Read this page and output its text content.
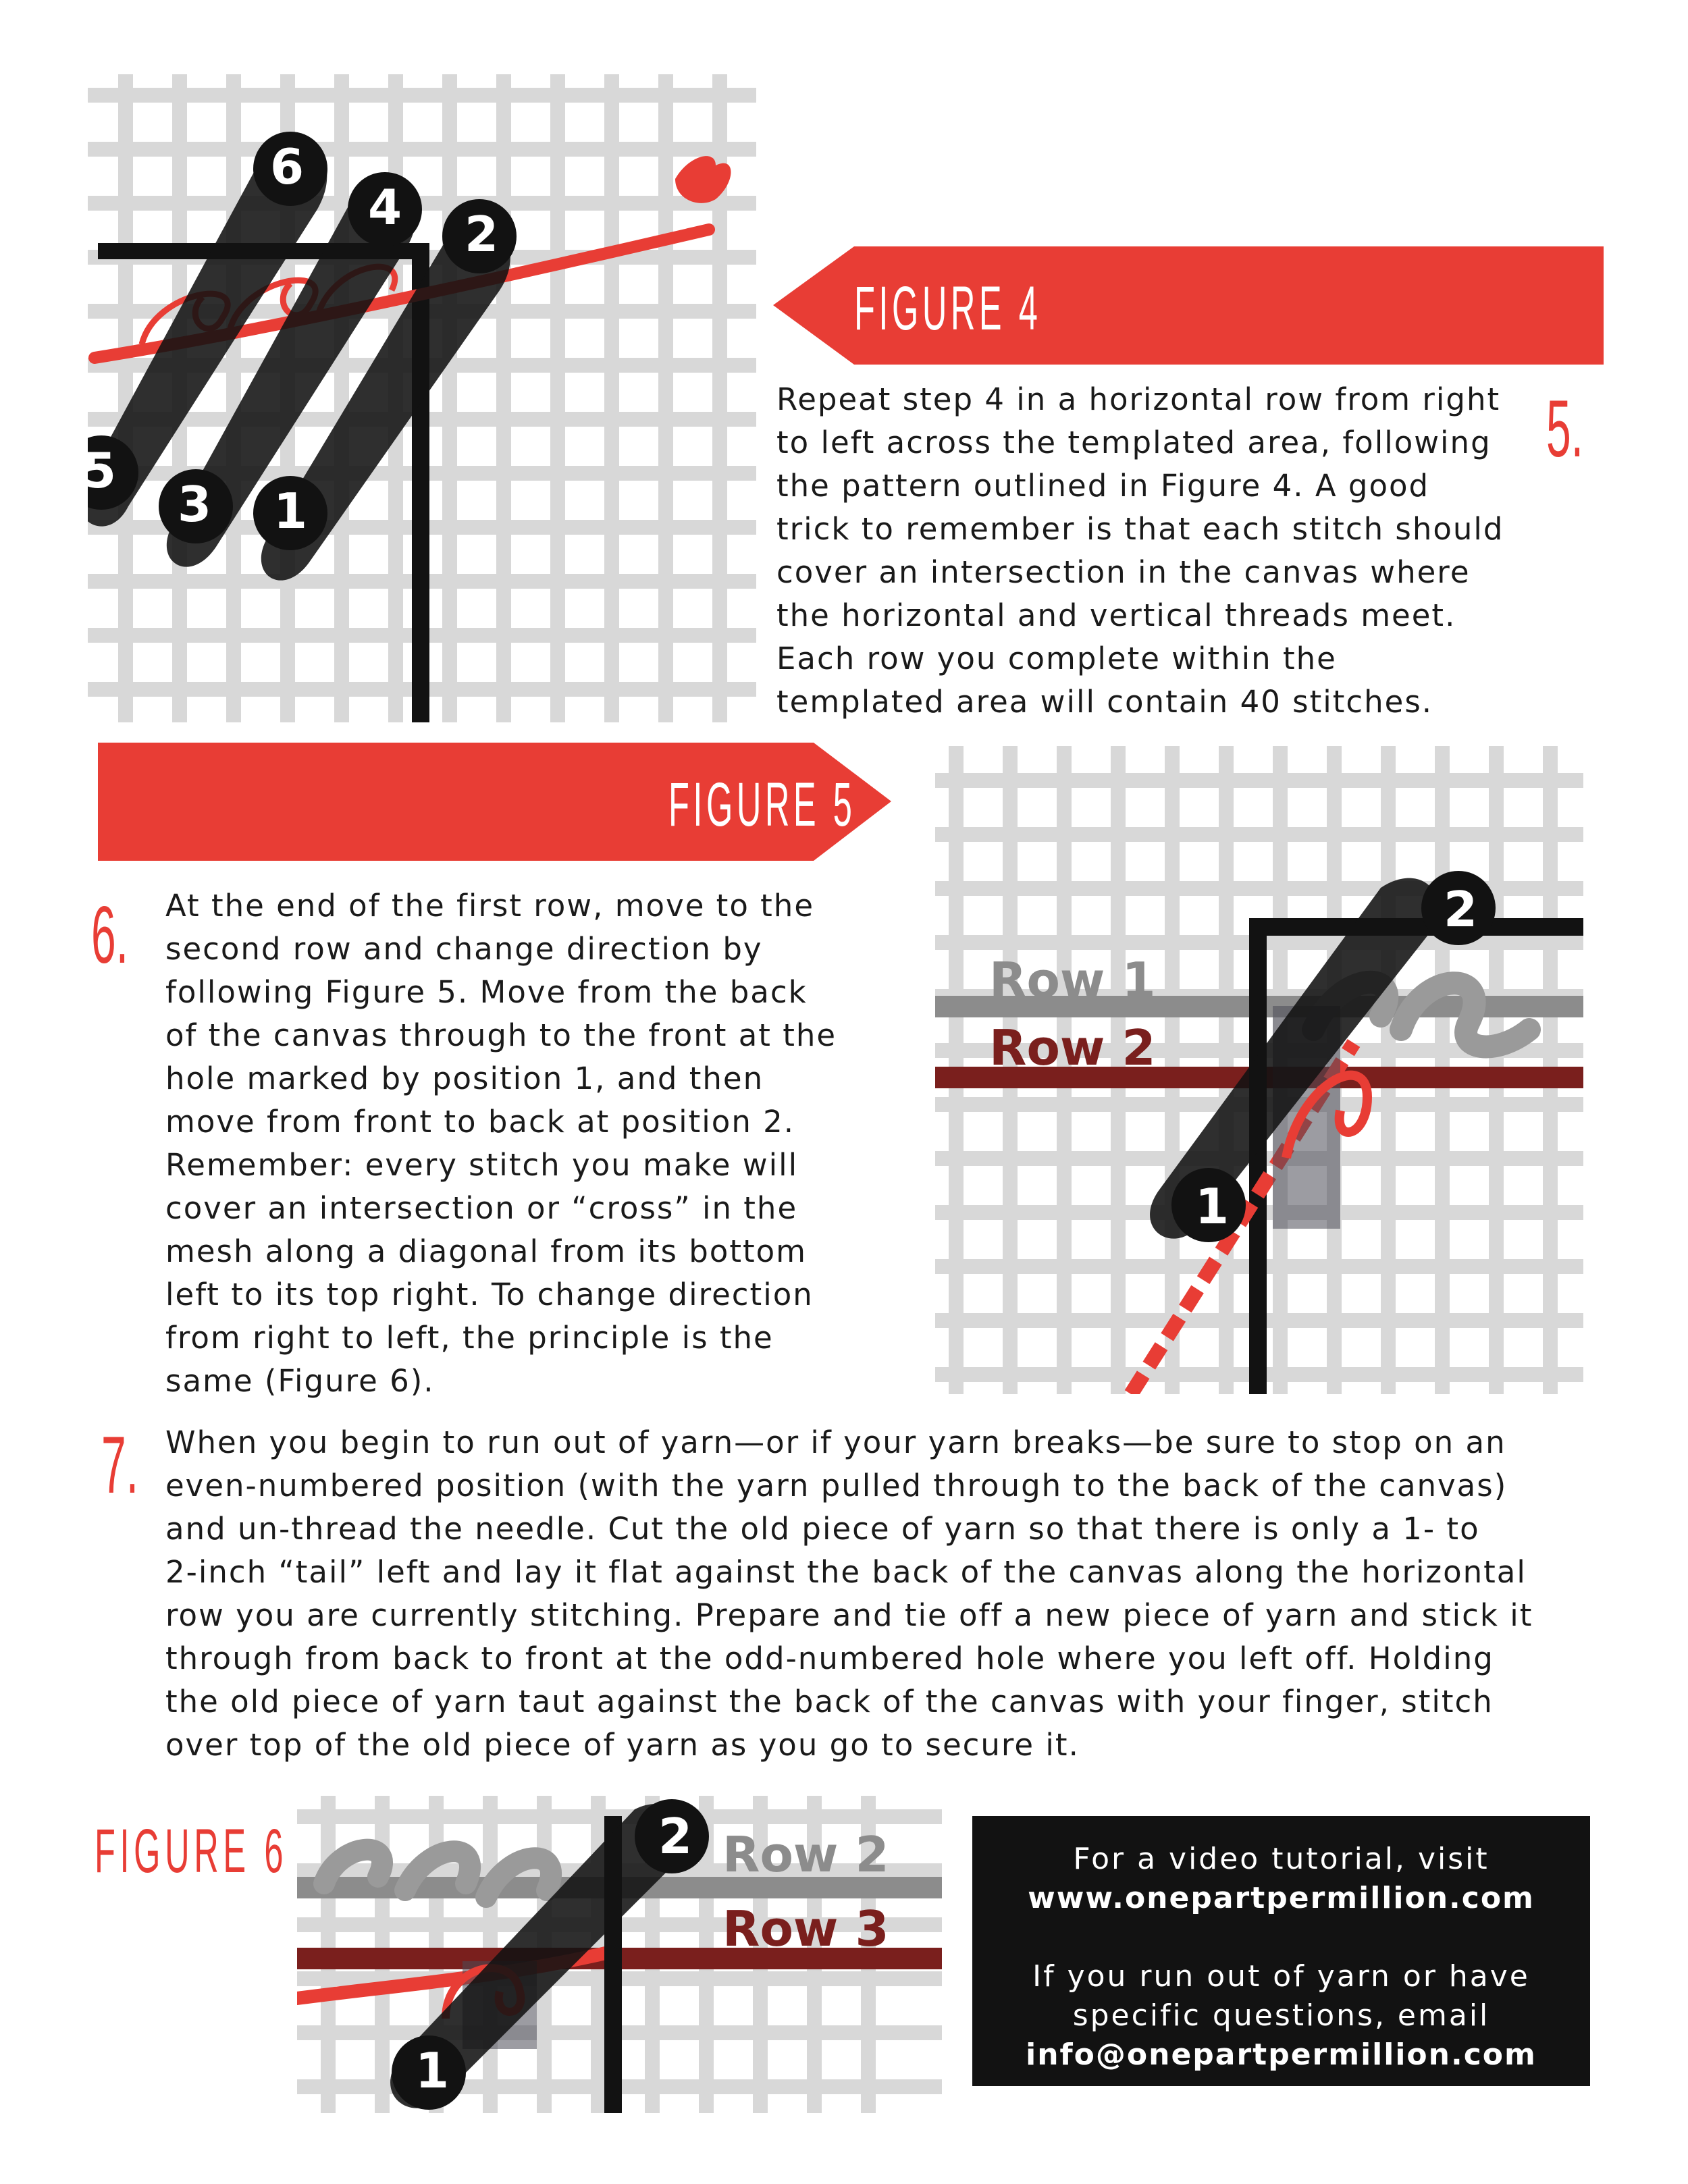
6
4 2
5
3 1
FIGURE 4
5.
Repeat step 4 in a horizontal row from right
to left across the templated area, following
the pattern outlined in Figure 4. A good
trick to remember is that each stitch should
cover an intersection in the canvas where
the horizontal and vertical threads meet.
Each row you complete within the
templated area will contain 40 stitches.
FIGURE 5
Row 1
Row 2
2
1
6. At the end of the first row, move to the
second row and change direction by
following Figure 5. Move from the back
of the canvas through to the front at the
hole marked by position 1, and then
move from front to back at position 2.
Remember: every stitch you make will
cover an intersection or “cross” in the
mesh along a diagonal from its bottom
left to its top right. To change direction
from right to left, the principle is the
same (Figure 6).
7. When you begin to run out of yarn—or if your yarn breaks—be sure to stop on an
even-numbered position (with the yarn pulled through to the back of the canvas)
and un-thread the needle. Cut the old piece of yarn so that there is only a 1- to
2-inch “tail” left and lay it flat against the back of the canvas along the horizontal
row you are currently stitching. Prepare and tie off a new piece of yarn and stick it
through from back to front at the odd-numbered hole where you left off. Holding
the old piece of yarn taut against the back of the canvas with your finger, stitch
over top of the old piece of yarn as you go to secure it.
FIGURE 6	Row 2
Row 3
2
1

For a video tutorial, visit

www.onepartpermillion.com

If you run out of yarn or have

specific questions, email

info@onepartpermillion.com
